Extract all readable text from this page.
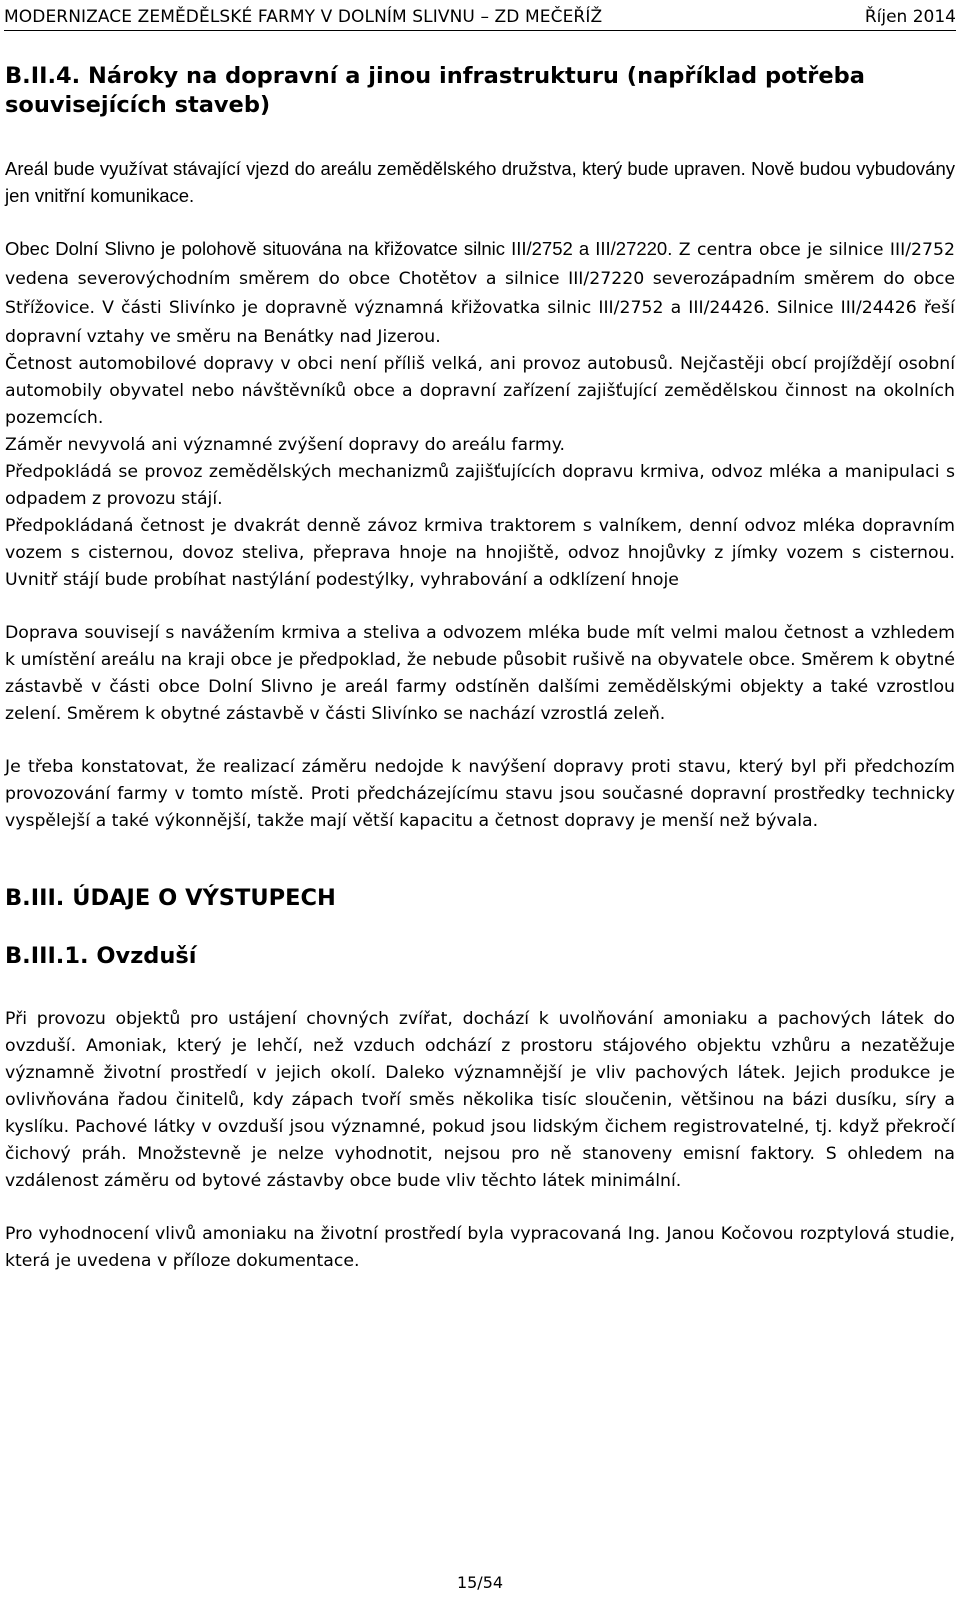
MODERNIZACE ZEMĚDĚLSKÉ FARMY V DOLNÍM SLIVNU – ZD MEČEŘÍŽ	Říjen 2014
B.II.4. Nároky na dopravní a jinou infrastrukturu (například potřeba souvisejících staveb)

Areál bude využívat stávající vjezd do areálu zemědělského družstva, který bude upraven. Nově budou vybudovány jen vnitřní komunikace.

Obec Dolní Slivno je polohově situována na křižovatce silnic III/2752 a III/27220. Z centra obce je silnice III/2752 vedena severovýchodním směrem do obce Chotětov a silnice III/27220 severozápadním směrem do obce Střížovice. V části Slivínko je dopravně významná křižovatka silnic III/2752 a III/24426. Silnice III/24426 řeší dopravní vztahy ve směru na Benátky nad Jizerou.

Četnost automobilové dopravy v obci není příliš velká, ani provoz autobusů. Nejčastěji obcí projíždějí osobní automobily obyvatel nebo návštěvníků obce a dopravní zařízení zajišťující zemědělskou činnost na okolních pozemcích.

Záměr nevyvolá ani významné zvýšení dopravy do areálu farmy.

Předpokládá se provoz zemědělských mechanizmů zajišťujících dopravu krmiva, odvoz mléka a manipulaci s odpadem z provozu stájí.

Předpokládaná četnost je dvakrát denně závoz krmiva traktorem s valníkem, denní odvoz mléka dopravním vozem s cisternou, dovoz steliva, přeprava hnoje na hnojiště, odvoz hnojůvky z jímky vozem s cisternou. Uvnitř stájí bude probíhat nastýlání podestýlky, vyhrabování a odklízení hnoje

Doprava souvisejí s navážením krmiva a steliva a odvozem mléka bude mít velmi malou četnost a vzhledem k umístění areálu na kraji obce je předpoklad, že nebude působit rušivě na obyvatele obce. Směrem k obytné zástavbě v části obce Dolní Slivno je areál farmy odstíněn dalšími zemědělskými objekty a také vzrostlou zelení. Směrem k obytné zástavbě v části Slivínko se nachází vzrostlá zeleň.

Je třeba konstatovat, že realizací záměru nedojde k navýšení dopravy proti stavu, který byl při předchozím provozování farmy v tomto místě. Proti předcházejícímu stavu jsou současné dopravní prostředky technicky vyspělejší a také výkonnější, takže mají větší kapacitu a četnost dopravy je menší než bývala.

B.III. ÚDAJE O VÝSTUPECH
B.III.1. Ovzduší

Při provozu objektů pro ustájení chovných zvířat, dochází k uvolňování amoniaku a pachových látek do ovzduší. Amoniak, který je lehčí, než vzduch odchází z prostoru stájového objektu vzhůru a nezatěžuje významně životní prostředí v jejich okolí. Daleko významnější je vliv pachových látek. Jejich produkce je ovlivňována řadou činitelů, kdy zápach tvoří směs několika tisíc sloučenin, většinou na bázi dusíku, síry a kyslíku. Pachové látky v ovzduší jsou významné, pokud jsou lidským čichem registrovatelné, tj. když překročí čichový práh. Množstevně je nelze vyhodnotit, nejsou pro ně stanoveny emisní faktory. S ohledem na vzdálenost záměru od bytové zástavby obce bude vliv těchto látek minimální.

Pro vyhodnocení vlivů amoniaku na životní prostředí byla vypracovaná Ing. Janou Kočovou rozptylová studie, která je uvedena v příloze dokumentace.

15/54
